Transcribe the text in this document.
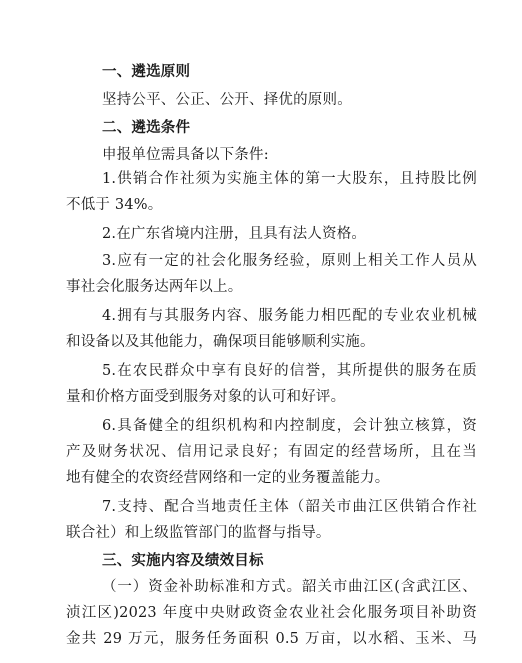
一、遴选原则
坚持公平、公正、公开、择优的原则。
二、遴选条件
申报单位需具备以下条件:
1.供销合作社须为实施主体的第一大股东，且持股比例
不低于 34%。
2.在广东省境内注册，且具有法人资格。
3.应有一定的社会化服务经验，原则上相关工作人员从
事社会化服务达两年以上。
4.拥有与其服务内容、服务能力相匹配的专业农业机械
和设备以及其他能力，确保项目能够顺利实施。
5.在农民群众中享有良好的信誉，其所提供的服务在质
量和价格方面受到服务对象的认可和好评。
6.具备健全的组织机构和内控制度，会计独立核算，资
产及财务状况、信用记录良好；有固定的经营场所，且在当
地有健全的农资经营网络和一定的业务覆盖能力。
7.支持、配合当地责任主体（韶关市曲江区供销合作社
联合社）和上级监管部门的监督与指导。
三、实施内容及绩效目标
（一）资金补助标准和方式。韶关市曲江区(含武江区、
浈江区)2023 年度中央财政资金农业社会化服务项目补助资
金共 29 万元，服务任务面积 0.5 万亩，以水稻、玉米、马
